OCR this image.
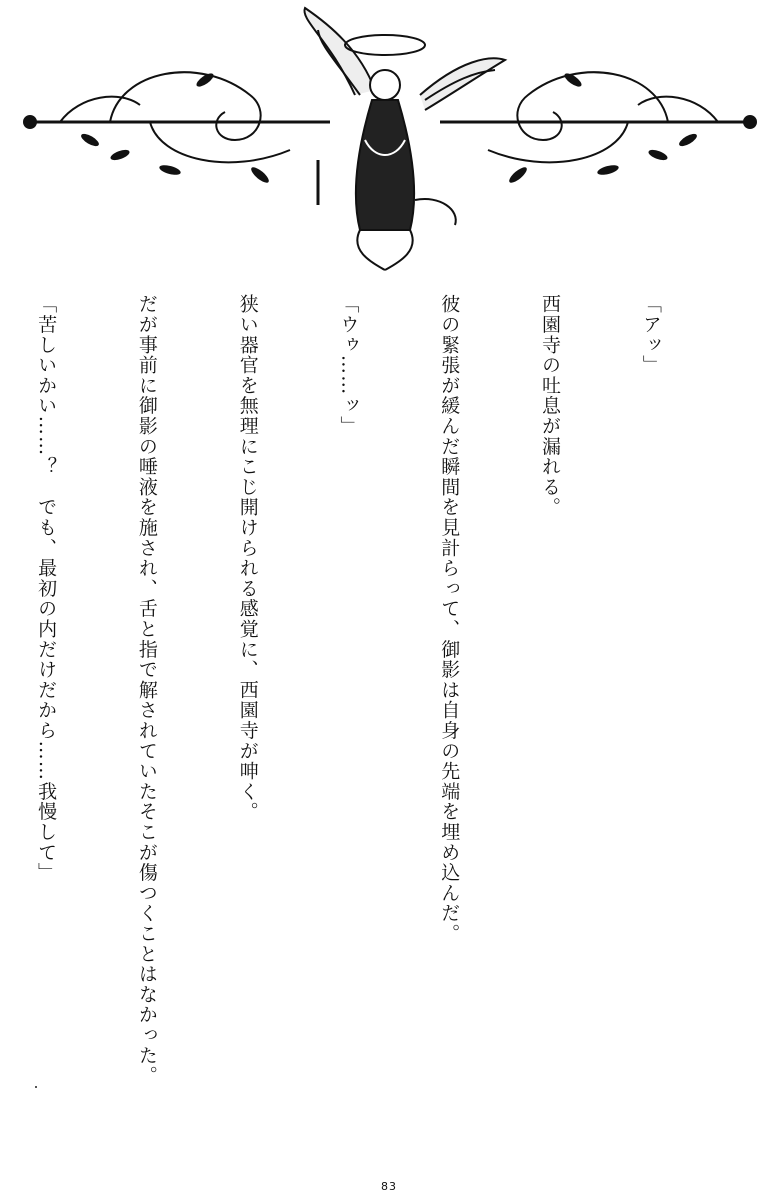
「アッ」

西園寺の吐息が漏れる。

彼の緊張が緩んだ瞬間を見計らって、御影は自身の先端を埋め込んだ。

「ウゥ……ッ」

狭い器官を無理にこじ開けられる感覚に、西園寺が呻く。

だが事前に御影の唾液を施され、舌と指で解されていたそこが傷つくことはなかった。

「苦しいかい……？　でも、最初の内だけだから……我慢して」

83
